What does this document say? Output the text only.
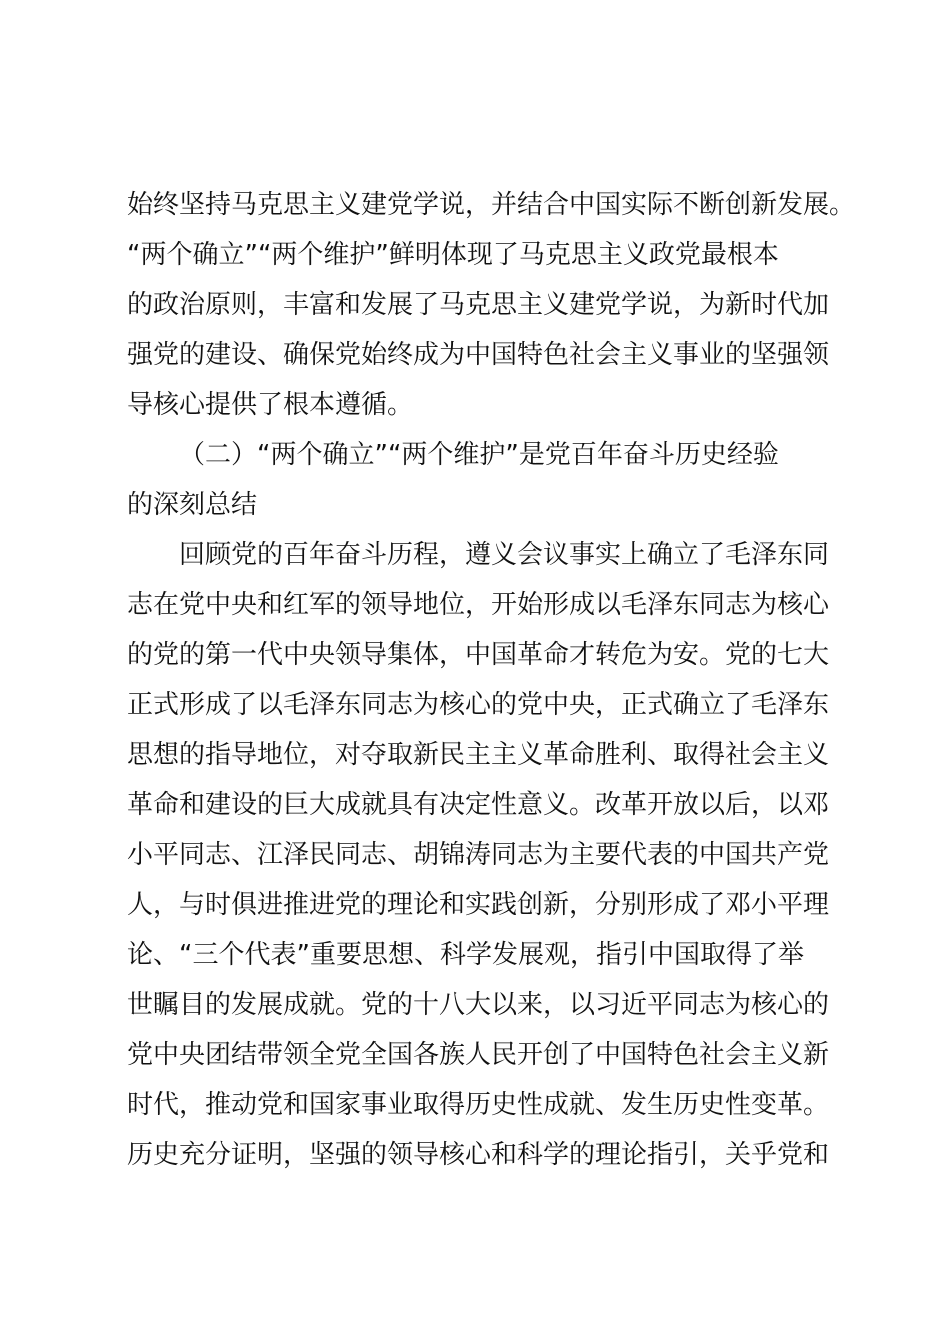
始终坚持马克思主义建党学说，并结合中国实际不断创新发展。
“两个确立”“两个维护”鲜明体现了马克思主义政党最根本
的政治原则，丰富和发展了马克思主义建党学说，为新时代加
强党的建设、确保党始终成为中国特色社会主义事业的坚强领
导核心提供了根本遵循。
（二）“两个确立”“两个维护”是党百年奋斗历史经验
的深刻总结
回顾党的百年奋斗历程，遵义会议事实上确立了毛泽东同
志在党中央和红军的领导地位，开始形成以毛泽东同志为核心
的党的第一代中央领导集体，中国革命才转危为安。党的七大
正式形成了以毛泽东同志为核心的党中央，正式确立了毛泽东
思想的指导地位，对夺取新民主主义革命胜利、取得社会主义
革命和建设的巨大成就具有决定性意义。改革开放以后，以邓
小平同志、江泽民同志、胡锦涛同志为主要代表的中国共产党
人，与时俱进推进党的理论和实践创新，分别形成了邓小平理
论、“三个代表”重要思想、科学发展观，指引中国取得了举
世瞩目的发展成就。党的十八大以来，以习近平同志为核心的
党中央团结带领全党全国各族人民开创了中国特色社会主义新
时代，推动党和国家事业取得历史性成就、发生历史性变革。
历史充分证明，坚强的领导核心和科学的理论指引，关乎党和
